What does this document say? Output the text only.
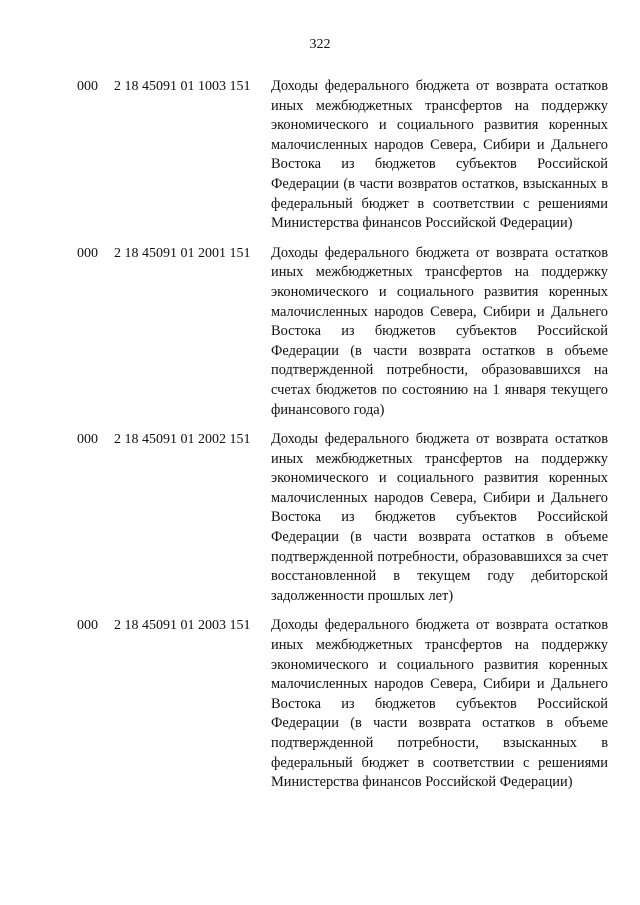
322
000 2 18 45091 01 1003 151 Доходы федерального бюджета от возврата остатков иных межбюджетных трансфертов на поддержку экономического и социального развития коренных малочисленных народов Севера, Сибири и Дальнего Востока из бюджетов субъектов Российской Федерации (в части возвратов остатков, взысканных в федеральный бюджет в соответствии с решениями Министерства финансов Российской Федерации)
000 2 18 45091 01 2001 151 Доходы федерального бюджета от возврата остатков иных межбюджетных трансфертов на поддержку экономического и социального развития коренных малочисленных народов Севера, Сибири и Дальнего Востока из бюджетов субъектов Российской Федерации (в части возврата остатков в объеме подтвержденной потребности, образовавшихся на счетах бюджетов по состоянию на 1 января текущего финансового года)
000 2 18 45091 01 2002 151 Доходы федерального бюджета от возврата остатков иных межбюджетных трансфертов на поддержку экономического и социального развития коренных малочисленных народов Севера, Сибири и Дальнего Востока из бюджетов субъектов Российской Федерации (в части возврата остатков в объеме подтвержденной потребности, образовавшихся за счет восстановленной в текущем году дебиторской задолженности прошлых лет)
000 2 18 45091 01 2003 151 Доходы федерального бюджета от возврата остатков иных межбюджетных трансфертов на поддержку экономического и социального развития коренных малочисленных народов Севера, Сибири и Дальнего Востока из бюджетов субъектов Российской Федерации (в части возврата остатков в объеме подтвержденной потребности, взысканных в федеральный бюджет в соответствии с решениями Министерства финансов Российской Федерации)
